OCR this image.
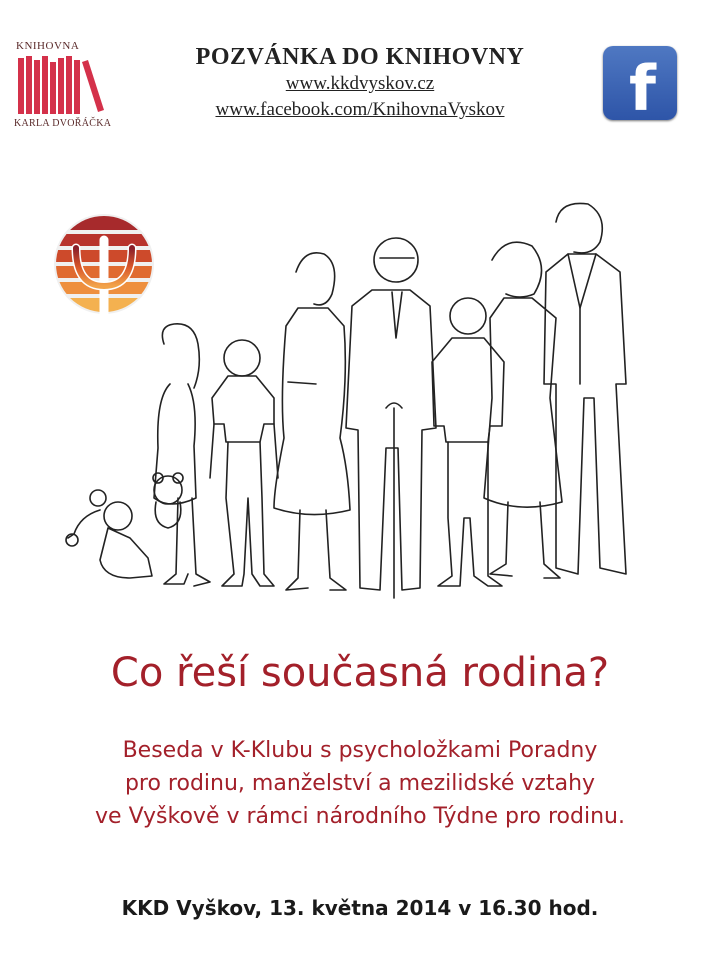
KNIHOVNA
KARLA DVOŘÁČKA
POZVÁNKA DO KNIHOVNY
www.kkdvyskov.cz
www.facebook.com/KnihovnaVyskov	f
Co řeší současná rodina?
Beseda v K-Klubu s psycholožkami Poradny
pro rodinu, manželství a mezilidské vztahy
ve Vyškově v rámci národního Týdne pro rodinu.
KKD Vyškov, 13. května 2014 v 16.30 hod.
